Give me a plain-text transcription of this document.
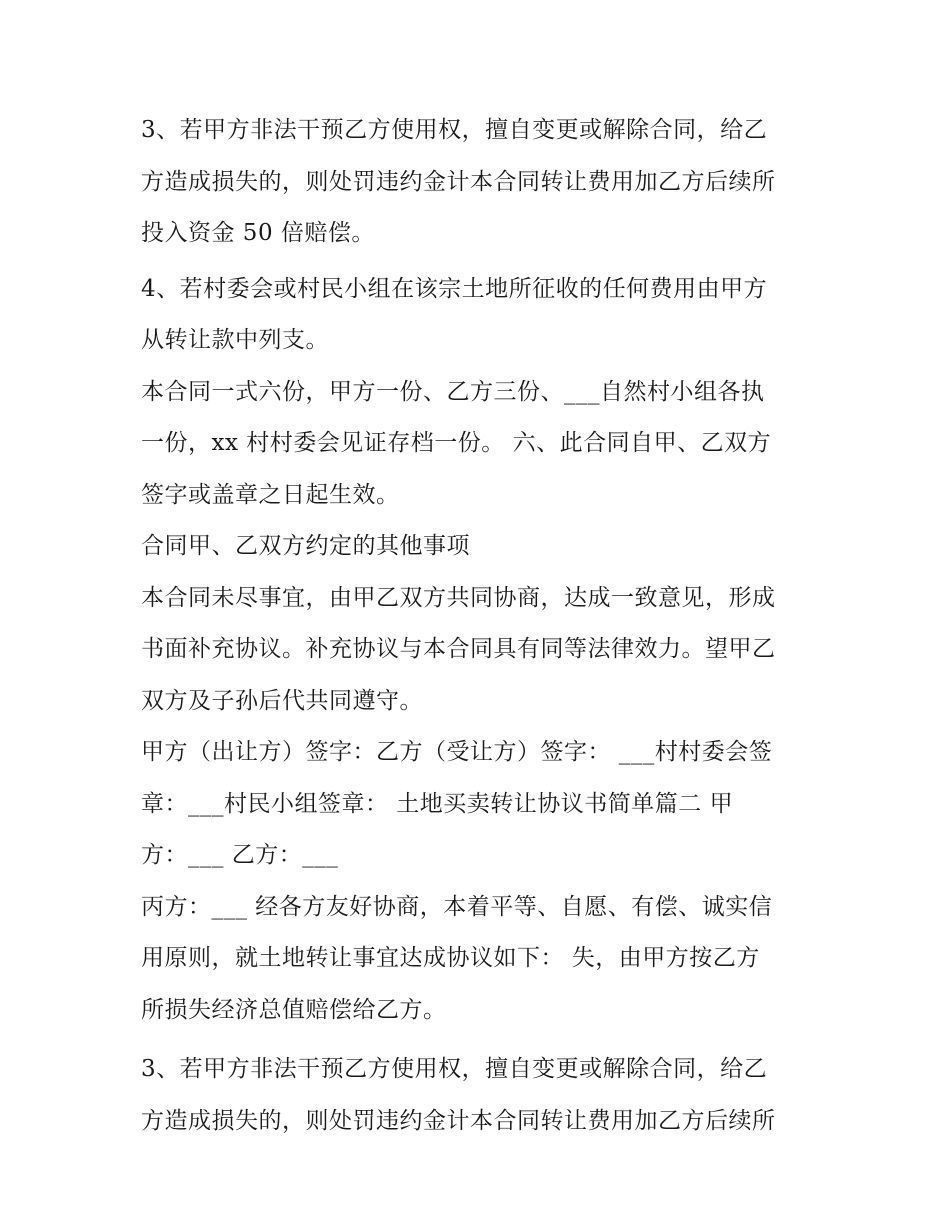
3、若甲方非法干预乙方使用权，擅自变更或解除合同，给乙
方造成损失的，则处罚违约金计本合同转让费用加乙方后续所
投入资金 50 倍赔偿。

4、若村委会或村民小组在该宗土地所征收的任何费用由甲方
从转让款中列支。

本合同一式六份，甲方一份、乙方三份、___自然村小组各执
一份，xx 村村委会见证存档一份。 六、此合同自甲、乙双方
签字或盖章之日起生效。

合同甲、乙双方约定的其他事项

本合同未尽事宜，由甲乙双方共同协商，达成一致意见，形成
书面补充协议。补充协议与本合同具有同等法律效力。望甲乙
双方及子孙后代共同遵守。

甲方（出让方）签字：乙方（受让方）签字： ___村村委会签
章：___村民小组签章： 土地买卖转让协议书简单篇二 甲
方：___ 乙方：___

丙方：___ 经各方友好协商，本着平等、自愿、有偿、诚实信
用原则，就土地转让事宜达成协议如下： 失，由甲方按乙方
所损失经济总值赔偿给乙方。

3、若甲方非法干预乙方使用权，擅自变更或解除合同，给乙
方造成损失的，则处罚违约金计本合同转让费用加乙方后续所
